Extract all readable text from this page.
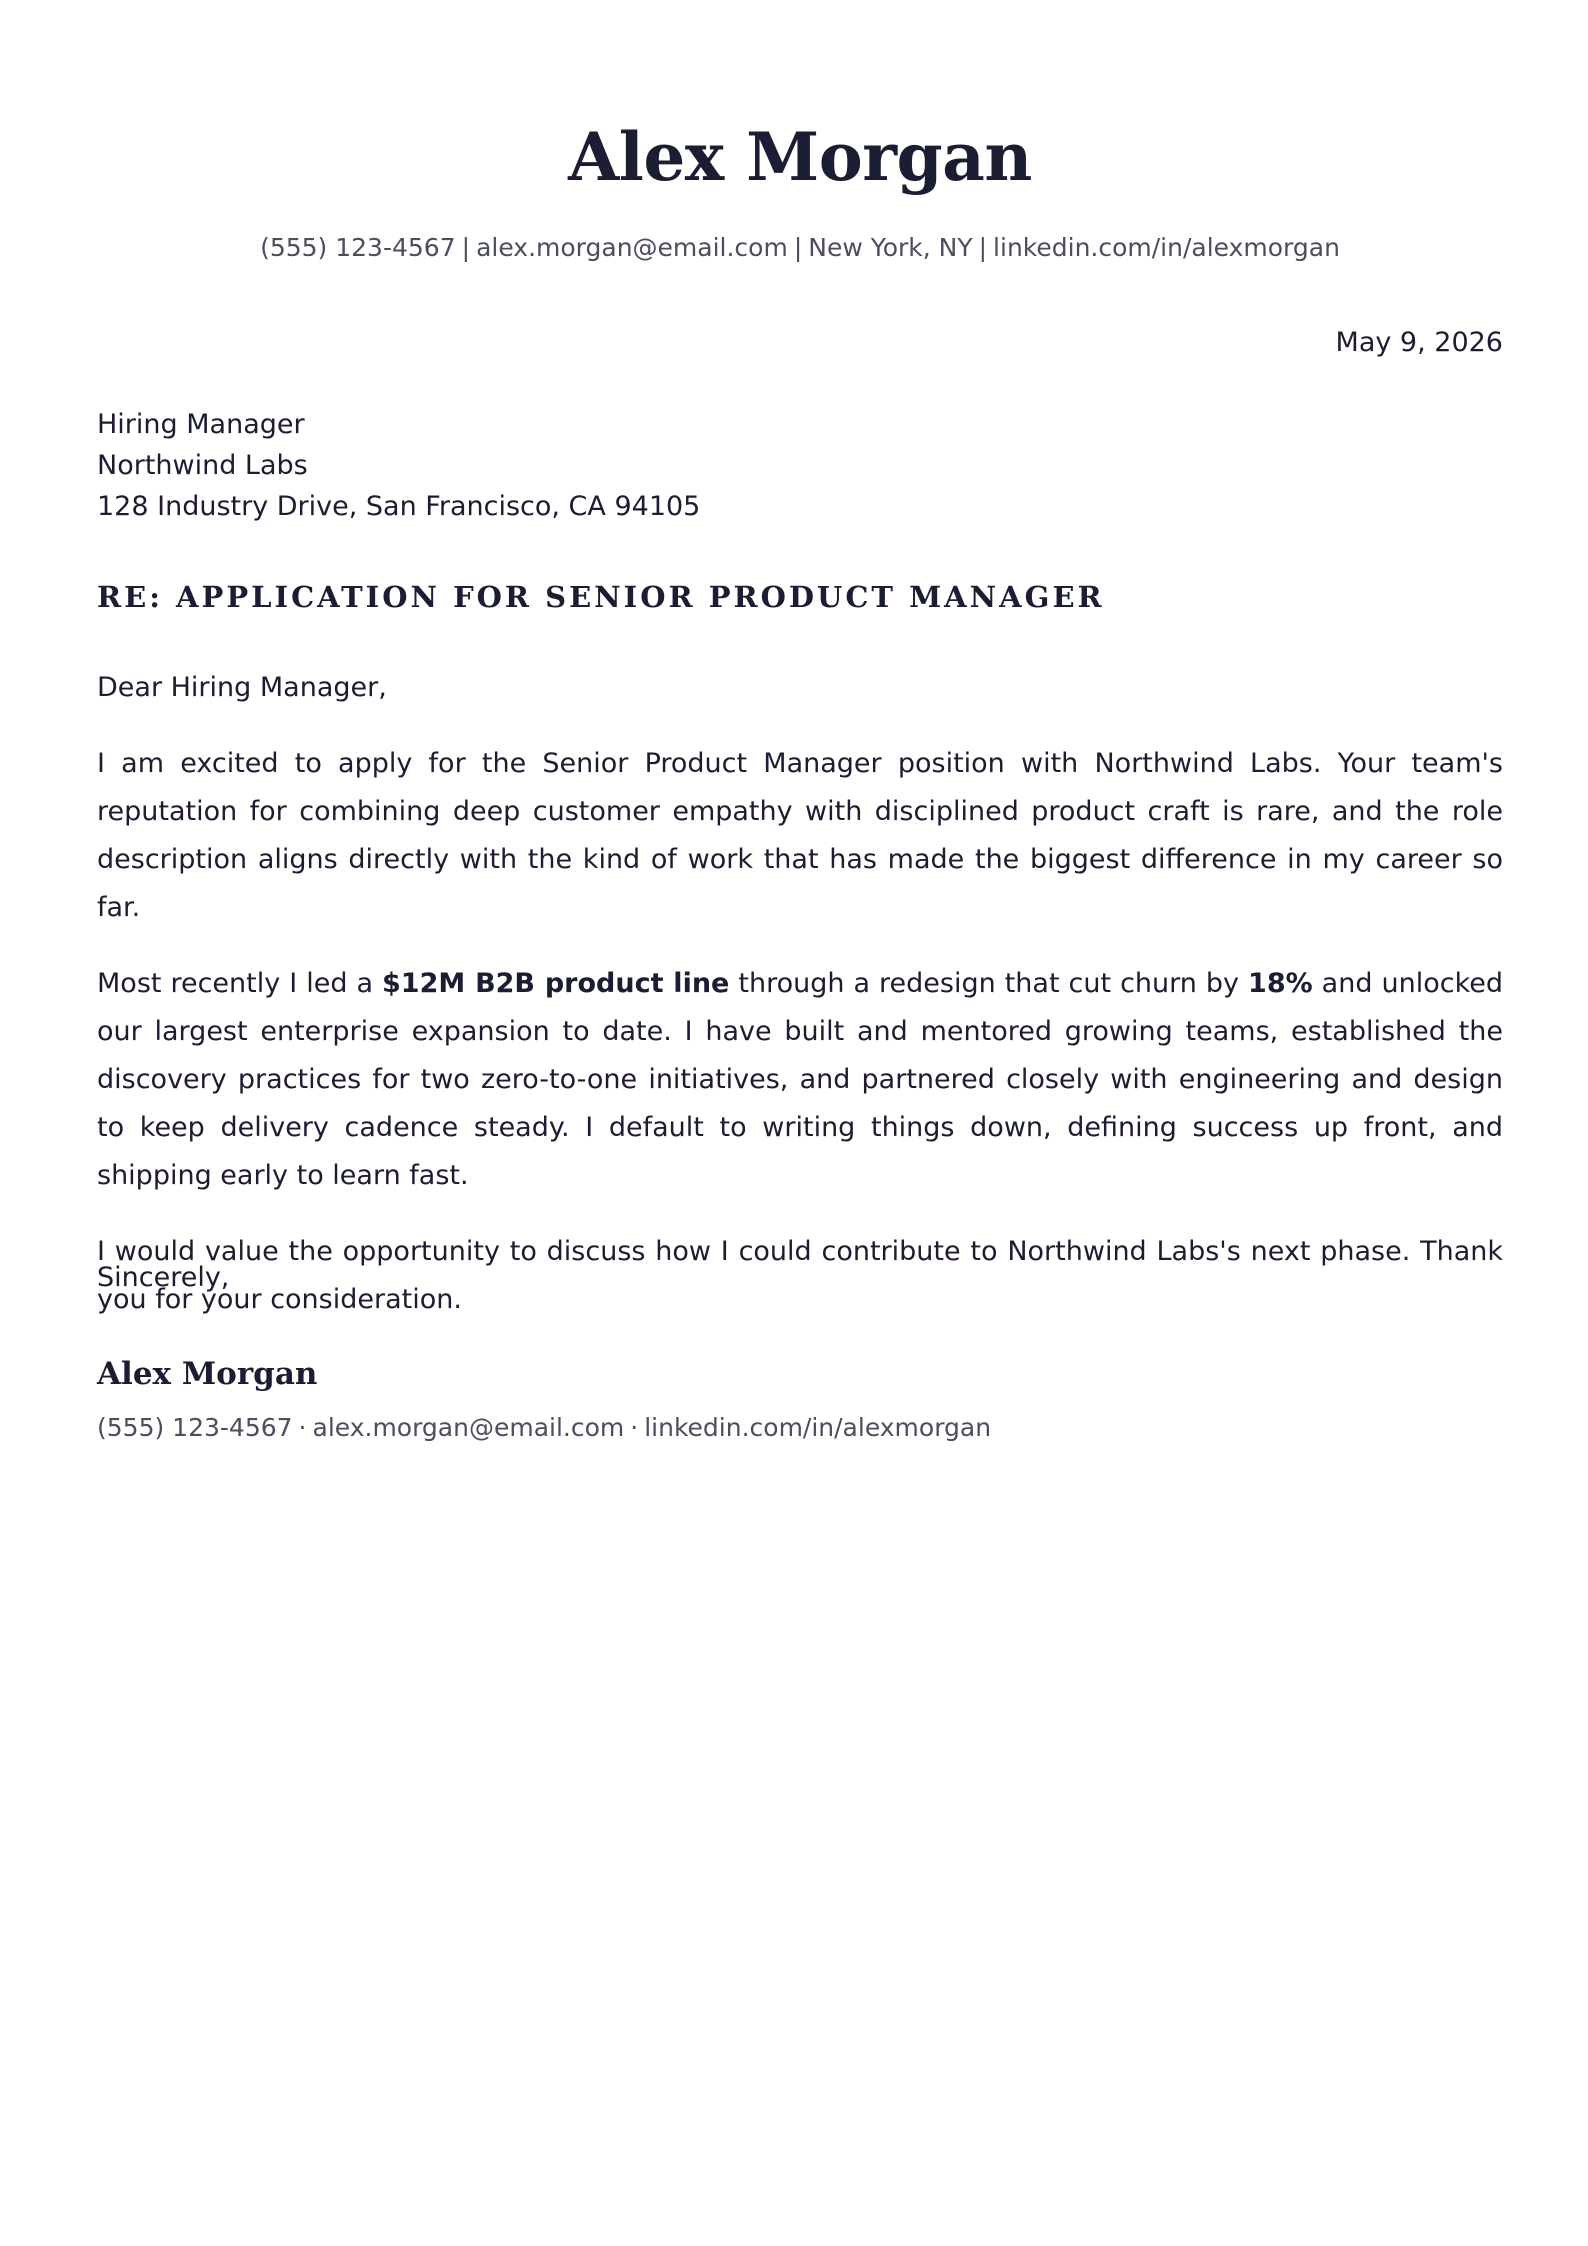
Alex Morgan
(555) 123-4567 | alex.morgan@email.com | New York, NY | linkedin.com/in/alexmorgan
May 9, 2026
Hiring Manager
Northwind Labs
128 Industry Drive, San Francisco, CA 94105
RE: APPLICATION FOR SENIOR PRODUCT MANAGER

Dear Hiring Manager,

I am excited to apply for the Senior Product Manager position with Northwind Labs. Your team's reputation for combining deep customer empathy with disciplined product craft is rare, and the role description aligns directly with the kind of work that has made the biggest difference in my career so far.

Most recently I led a $12M B2B product line through a redesign that cut churn by 18% and unlocked our largest enterprise expansion to date. I have built and mentored growing teams, established the discovery practices for two zero-to-one initiatives, and partnered closely with engineering and design to keep delivery cadence steady. I default to writing things down, defining success up front, and shipping early to learn fast.

I would value the opportunity to discuss how I could contribute to Northwind Labs's next phase. Thank you for your consideration.

Sincerely,
Alex Morgan
(555) 123-4567 · alex.morgan@email.com · linkedin.com/in/alexmorgan
